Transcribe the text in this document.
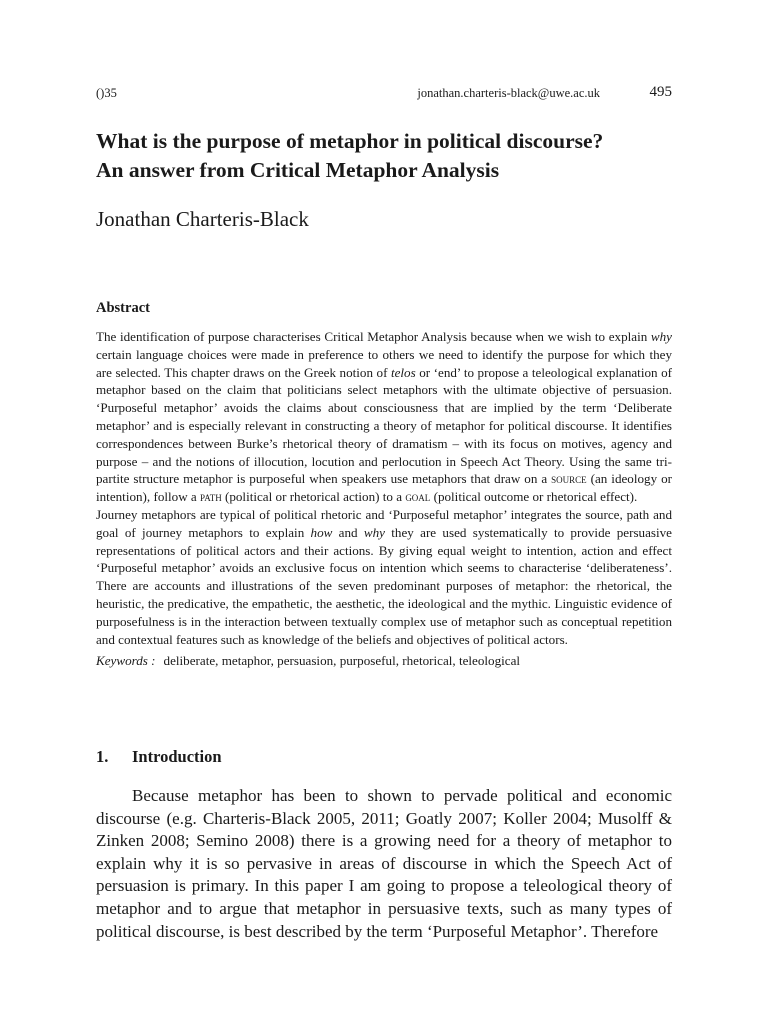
()35	jonathan.charteris-black@uwe.ac.uk	495
What is the purpose of metaphor in political discourse?
An answer from Critical Metaphor Analysis

Jonathan Charteris-Black

Abstract

The identification of purpose characterises Critical Metaphor Analysis because when we wish to explain why certain language choices were made in preference to others we need to identify the purpose for which they are selected. This chapter draws on the Greek notion of telos or ‘end’ to propose a teleological explanation of metaphor based on the claim that politicians select metaphors with the ultimate objective of persuasion. ‘Purposeful metaphor’ avoids the claims about consciousness that are implied by the term ‘Deliberate metaphor’ and is especially relevant in constructing a theory of metaphor for political discourse. It identifies correspondences between Burke’s rhetorical theory of dramatism – with its focus on motives, agency and purpose – and the notions of illocution, locution and perlocution in Speech Act Theory. Using the same tri-partite structure metaphor is purposeful when speakers use metaphors that draw on a source (an ideology or intention), follow a path (political or rhetorical action) to a goal (political outcome or rhetorical effect).

Journey metaphors are typical of political rhetoric and ‘Purposeful metaphor’ integrates the source, path and goal of journey metaphors to explain how and why they are used systematically to provide persuasive representations of political actors and their actions. By giving equal weight to intention, action and effect ‘Purposeful metaphor’ avoids an exclusive focus on intention which seems to characterise ‘deliberateness’. There are accounts and illustrations of the seven predominant purposes of metaphor: the rhetorical, the heuristic, the predicative, the empathetic, the aesthetic, the ideological and the mythic. Linguistic evidence of purposefulness is in the interaction between textually complex use of metaphor such as conceptual repetition and contextual features such as knowledge of the beliefs and objectives of political actors.

Keywords : deliberate, metaphor, persuasion, purposeful, rhetorical, teleological

1. Introduction

Because metaphor has been to shown to pervade political and economic discourse (e.g. Charteris-Black 2005, 2011; Goatly 2007; Koller 2004; Musolff & Zinken 2008; Semino 2008) there is a growing need for a theory of metaphor to explain why it is so pervasive in areas of discourse in which the Speech Act of persuasion is primary. In this paper I am going to propose a teleological theory of metaphor and to argue that metaphor in persuasive texts, such as many types of political discourse, is best described by the term ‘Purposeful Metaphor’. Therefore
